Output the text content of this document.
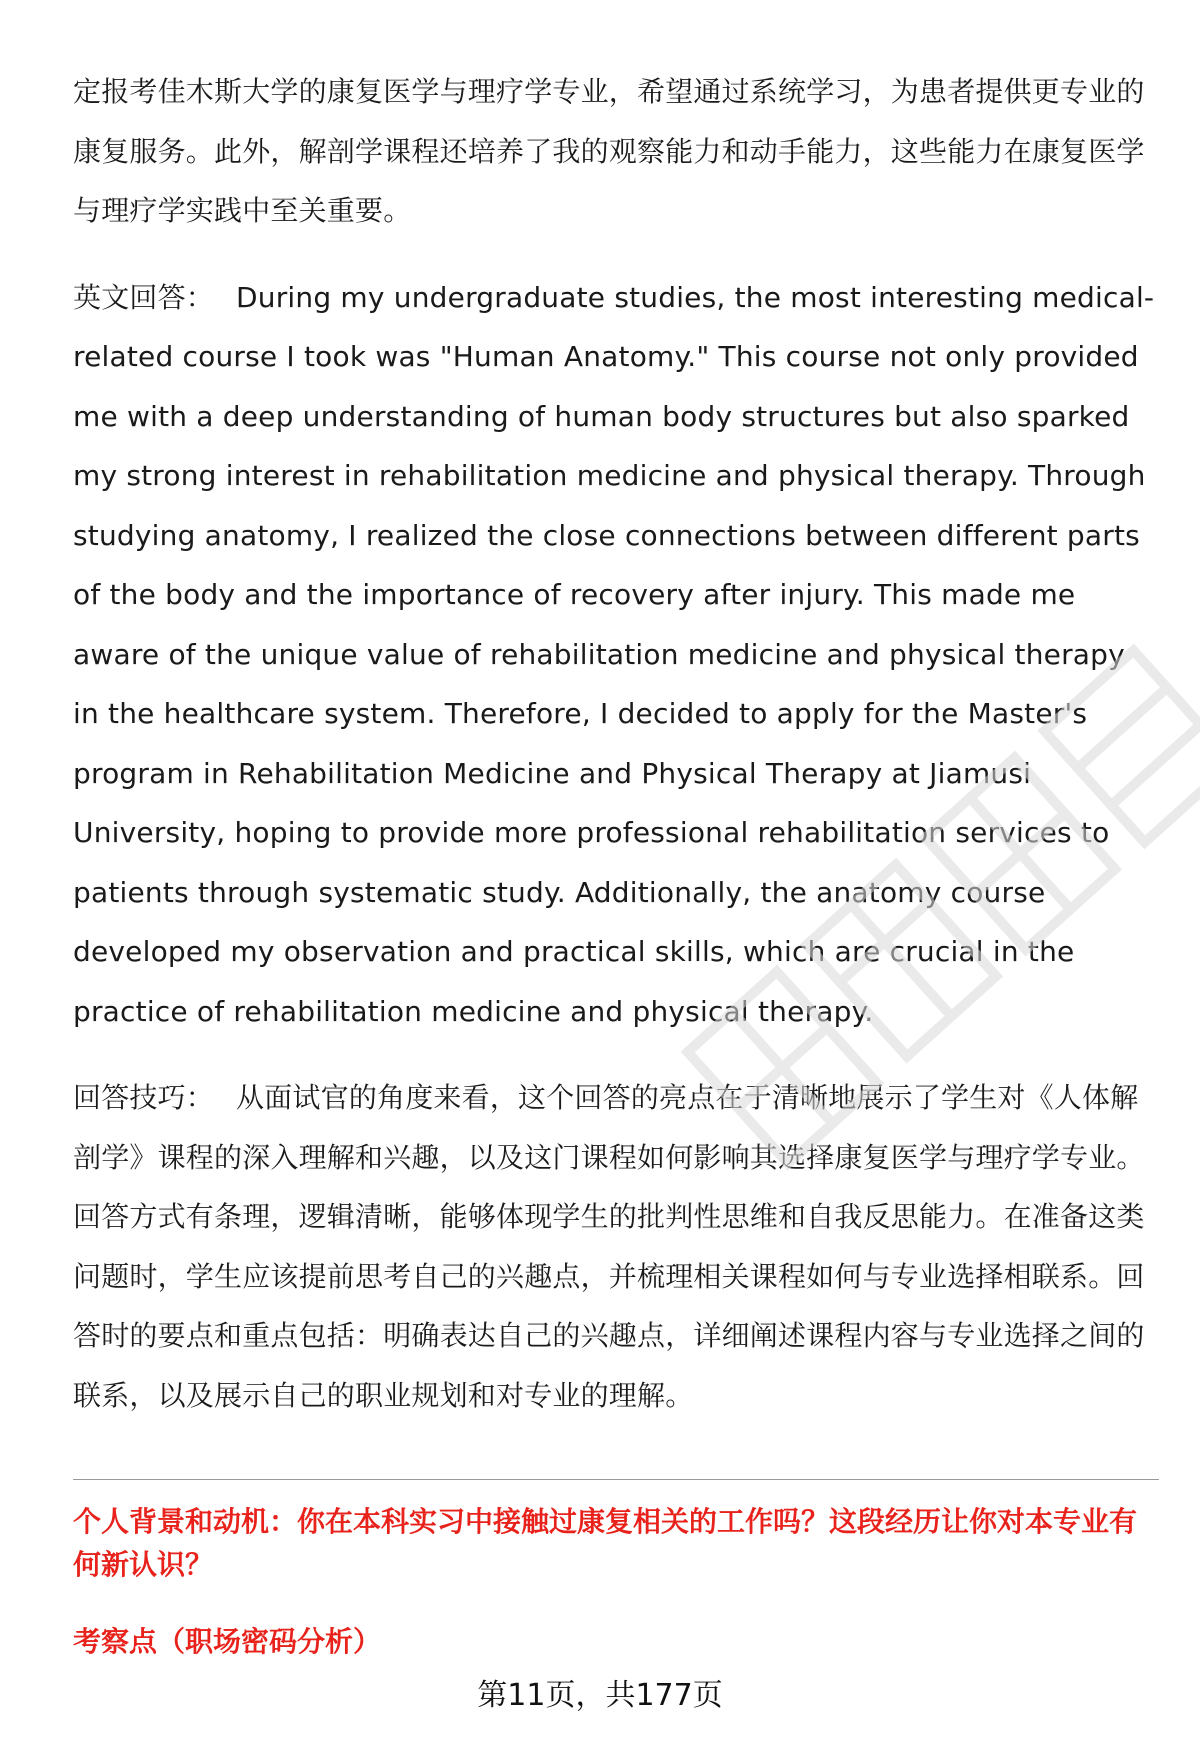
定报考佳木斯大学的康复医学与理疗学专业，希望通过系统学习，为患者提供更专业的康复服务。此外，解剖学课程还培养了我的观察能力和动手能力，这些能力在康复医学与理疗学实践中至关重要。

英文回答： During my undergraduate studies, the most interesting medical-related course I took was "Human Anatomy." This course not only provided me with a deep understanding of human body structures but also sparked my strong interest in rehabilitation medicine and physical therapy. Through studying anatomy, I realized the close connections between different parts of the body and the importance of recovery after injury. This made me aware of the unique value of rehabilitation medicine and physical therapy in the healthcare system. Therefore, I decided to apply for the Master's program in Rehabilitation Medicine and Physical Therapy at Jiamusi University, hoping to provide more professional rehabilitation services to patients through systematic study. Additionally, the anatomy course developed my observation and practical skills, which are crucial in the practice of rehabilitation medicine and physical therapy.

回答技巧： 从面试官的角度来看，这个回答的亮点在于清晰地展示了学生对《人体解剖学》课程的深入理解和兴趣，以及这门课程如何影响其选择康复医学与理疗学专业。回答方式有条理，逻辑清晰，能够体现学生的批判性思维和自我反思能力。在准备这类问题时，学生应该提前思考自己的兴趣点，并梳理相关课程如何与专业选择相联系。回答时的要点和重点包括：明确表达自己的兴趣点，详细阐述课程内容与专业选择之间的联系，以及展示自己的职业规划和对专业的理解。

个人背景和动机：你在本科实习中接触过康复相关的工作吗？这段经历让你对本专业有何新认识？

考察点（职场密码分析）

第11页，共177页
